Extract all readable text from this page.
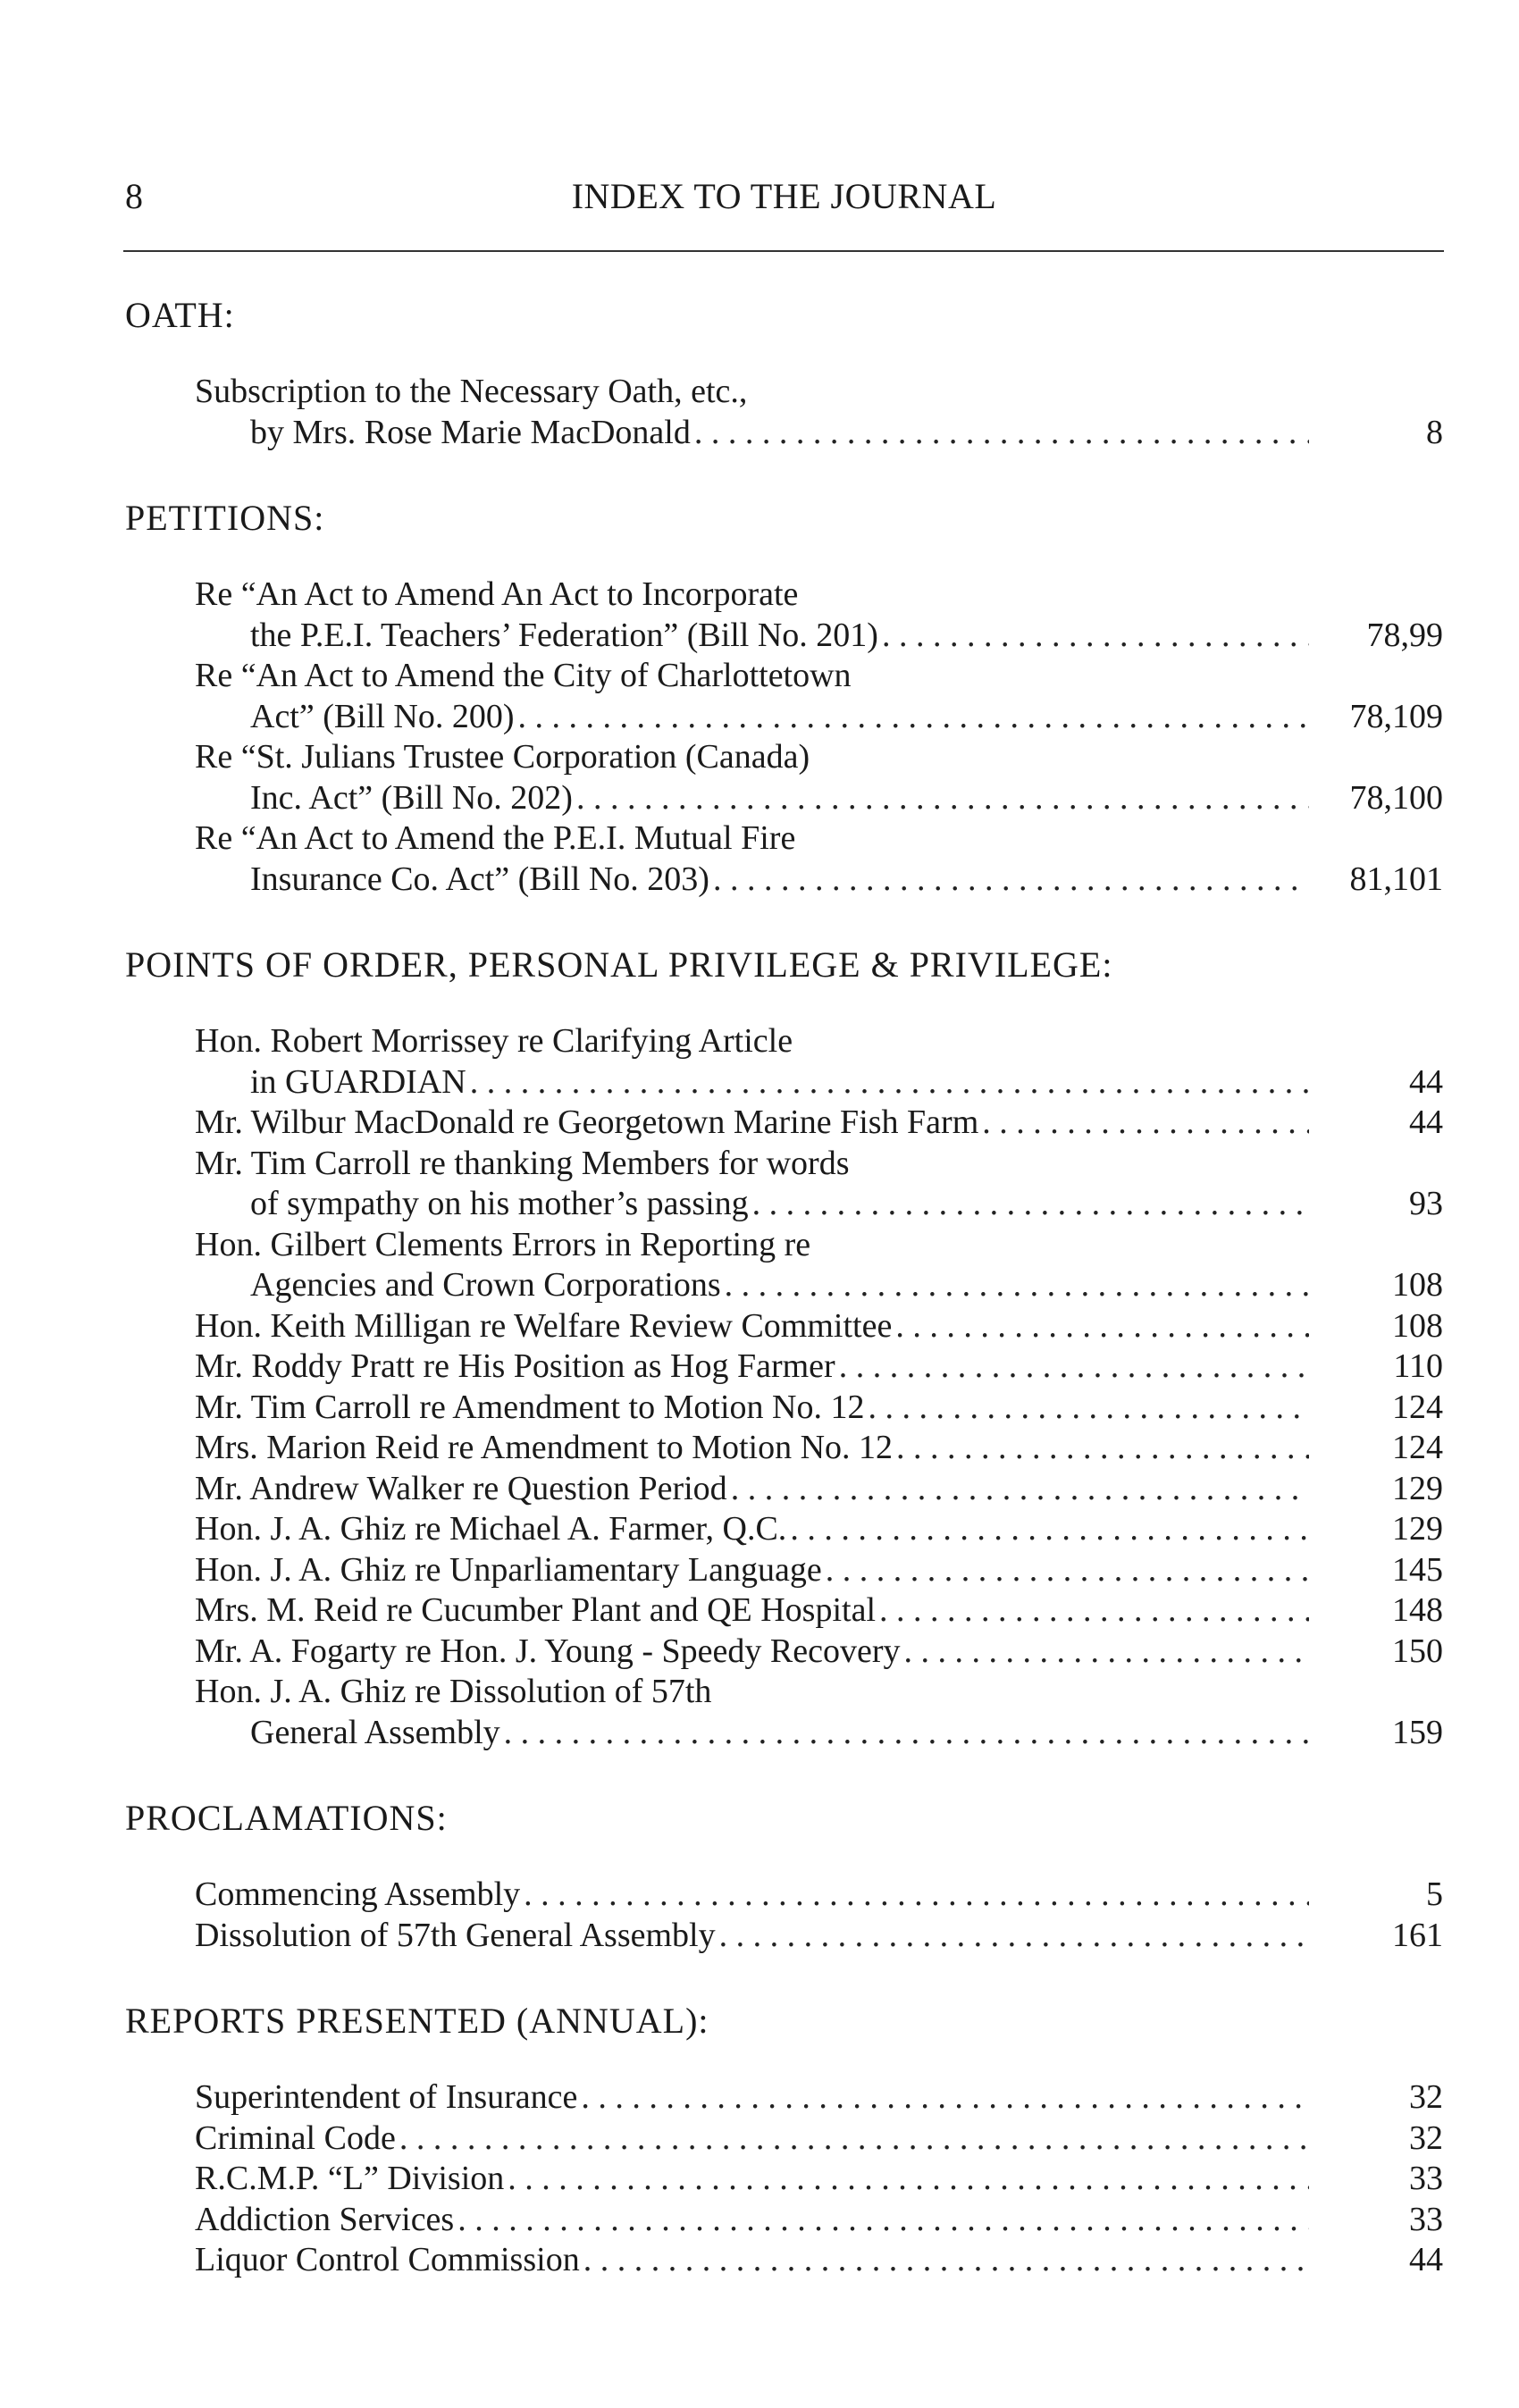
8	INDEX TO THE JOURNAL
OATH:
Subscription to the Necessary Oath, etc.,
by Mrs. Rose Marie MacDonald . . .	8
PETITIONS:
Re “An Act to Amend An Act to Incorporate
the P.E.I. Teachers’ Federation” (Bill No. 201) . . .	78,99
Re “An Act to Amend the City of Charlottetown
Act” (Bill No. 200) . . .	78,109
Re “St. Julians Trustee Corporation (Canada)
Inc. Act” (Bill No. 202) . . .	78,100
Re “An Act to Amend the P.E.I. Mutual Fire
Insurance Co. Act” (Bill No. 203) . . .	81,101
POINTS OF ORDER, PERSONAL PRIVILEGE & PRIVILEGE:
Hon. Robert Morrissey re Clarifying Article
in GUARDIAN . . .	44
Mr. Wilbur MacDonald re Georgetown Marine Fish Farm . . .	44
Mr. Tim Carroll re thanking Members for words
of sympathy on his mother’s passing . . .	93
Hon. Gilbert Clements Errors in Reporting re
Agencies and Crown Corporations . . .	108
Hon. Keith Milligan re Welfare Review Committee . . .	108
Mr. Roddy Pratt re His Position as Hog Farmer . . .	110
Mr. Tim Carroll re Amendment to Motion No. 12 . . .	124
Mrs. Marion Reid re Amendment to Motion No. 12 . . .	124
Mr. Andrew Walker re Question Period . . .	129
Hon. J. A. Ghiz re Michael A. Farmer, Q.C. . . .	129
Hon. J. A. Ghiz re Unparliamentary Language . . .	145
Mrs. M. Reid re Cucumber Plant and QE Hospital . . .	148
Mr. A. Fogarty re Hon. J. Young - Speedy Recovery . . .	150
Hon. J. A. Ghiz re Dissolution of 57th
General Assembly . . .	159
PROCLAMATIONS:
Commencing Assembly . . .	5
Dissolution of 57th General Assembly . . .	161
REPORTS PRESENTED (ANNUAL):
Superintendent of Insurance . . .	32
Criminal Code . . .	32
R.C.M.P. “L” Division . . .	33
Addiction Services . . .	33
Liquor Control Commission . . .	44
